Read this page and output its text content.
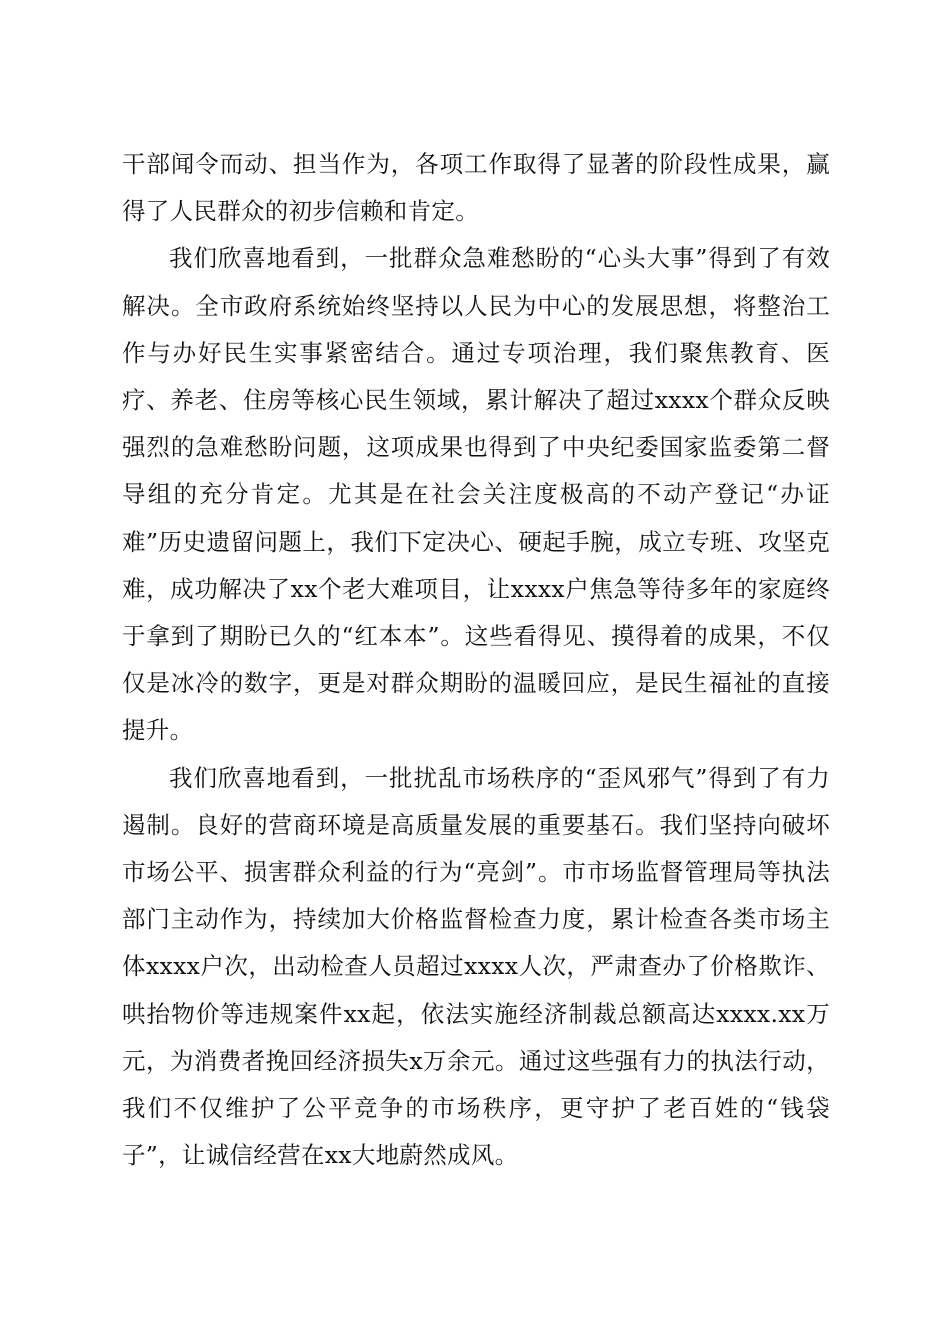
干部闻令而动、担当作为，各项工作取得了显著的阶段性成果，赢得了人民群众的初步信赖和肯定。

我们欣喜地看到，一批群众急难愁盼的“心头大事”得到了有效解决。全市政府系统始终坚持以人民为中心的发展思想，将整治工作与办好民生实事紧密结合。通过专项治理，我们聚焦教育、医疗、养老、住房等核心民生领域，累计解决了超过xxxx个群众反映强烈的急难愁盼问题，这项成果也得到了中央纪委国家监委第二督导组的充分肯定。尤其是在社会关注度极高的不动产登记“办证难”历史遗留问题上，我们下定决心、硬起手腕，成立专班、攻坚克难，成功解决了xx个老大难项目，让xxxx户焦急等待多年的家庭终于拿到了期盼已久的“红本本”。这些看得见、摸得着的成果，不仅仅是冰冷的数字，更是对群众期盼的温暖回应，是民生福祉的直接提升。

我们欣喜地看到，一批扰乱市场秩序的“歪风邪气”得到了有力遏制。良好的营商环境是高质量发展的重要基石。我们坚持向破坏市场公平、损害群众利益的行为“亮剑”。市市场监督管理局等执法部门主动作为，持续加大价格监督检查力度，累计检查各类市场主体xxxx户次，出动检查人员超过xxxx人次，严肃查办了价格欺诈、哄抬物价等违规案件xx起，依法实施经济制裁总额高达xxxx.xx万元，为消费者挽回经济损失x万余元。通过这些强有力的执法行动，我们不仅维护了公平竞争的市场秩序，更守护了老百姓的“钱袋子”，让诚信经营在xx大地蔚然成风。
